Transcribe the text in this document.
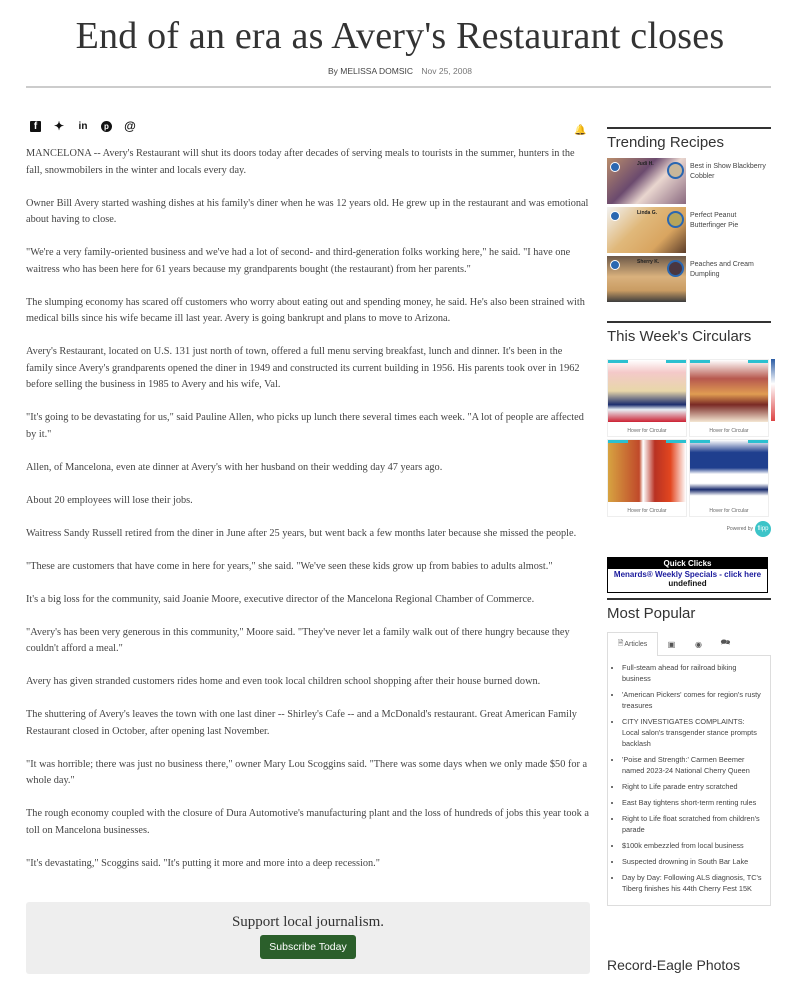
End of an era as Avery's Restaurant closes
By MELISSA DOMSIC Nov 25, 2008
f	✦ in	p @	🔔

MANCELONA -- Avery's Restaurant will shut its doors today after decades of serving meals to tourists in the summer, hunters in the fall, snowmobilers in the winter and locals every day.

Owner Bill Avery started washing dishes at his family's diner when he was 12 years old. He grew up in the restaurant and was emotional about having to close.

"We're a very family-oriented business and we've had a lot of second- and third-generation folks working here," he said. "I have one waitress who has been here for 61 years because my grandparents bought (the restaurant) from her parents."

The slumping economy has scared off customers who worry about eating out and spending money, he said. He's also been strained with medical bills since his wife became ill last year. Avery is going bankrupt and plans to move to Arizona.

Avery's Restaurant, located on U.S. 131 just north of town, offered a full menu serving breakfast, lunch and dinner. It's been in the family since Avery's grandparents opened the diner in 1949 and constructed its current building in 1956. His parents took over in 1962 before selling the business in 1985 to Avery and his wife, Val.

"It's going to be devastating for us," said Pauline Allen, who picks up lunch there several times each week. "A lot of people are affected by it."

Allen, of Mancelona, even ate dinner at Avery's with her husband on their wedding day 47 years ago.

About 20 employees will lose their jobs.

Waitress Sandy Russell retired from the diner in June after 25 years, but went back a few months later because she missed the people.

"These are customers that have come in here for years," she said. "We've seen these kids grow up from babies to adults almost."

It's a big loss for the community, said Joanie Moore, executive director of the Mancelona Regional Chamber of Commerce.

"Avery's has been very generous in this community," Moore said. "They've never let a family walk out of there hungry because they couldn't afford a meal."

Avery has given stranded customers rides home and even took local children school shopping after their house burned down.

The shuttering of Avery's leaves the town with one last diner -- Shirley's Cafe -- and a McDonald's restaurant. Great American Family Restaurant closed in October, after opening last November.

"It was horrible; there was just no business there," owner Mary Lou Scoggins said. "There was some days when we only made $50 for a whole day."

The rough economy coupled with the closure of Dura Automotive's manufacturing plant and the loss of hundreds of jobs this year took a toll on Mancelona businesses.

"It's devastating," Scoggins said. "It's putting it more and more into a deep recession."

Support local journalism.
Subscribe Today
Trending Recipes
Judi H.	Best in Show Blackberry Cobbler
Linda G.	Perfect Peanut Butterfinger Pie
Sherry K.	Peaches and Cream Dumpling
This Week's Circulars
Hover for Circular	Hover for Circular
Hover for Circular	Hover for Circular
Powered by flipp
Quick Clicks
Menards® Weekly Specials - click here
undefined
Most Popular
🗎 Articles	▣ ◉ 🗪
• Full-steam ahead for railroad biking business
• 'American Pickers' comes for region's rusty treasures
• CITY INVESTIGATES COMPLAINTS: Local salon's transgender stance prompts backlash
• 'Poise and Strength:' Carmen Beemer named 2023-24 National Cherry Queen
• Right to Life parade entry scratched
• East Bay tightens short-term renting rules
• Right to Life float scratched from children's parade
• $100k embezzled from local business
• Suspected drowning in South Bar Lake
• Day by Day: Following ALS diagnosis, TC's Tiberg finishes his 44th Cherry Fest 15K
Record-Eagle Photos
